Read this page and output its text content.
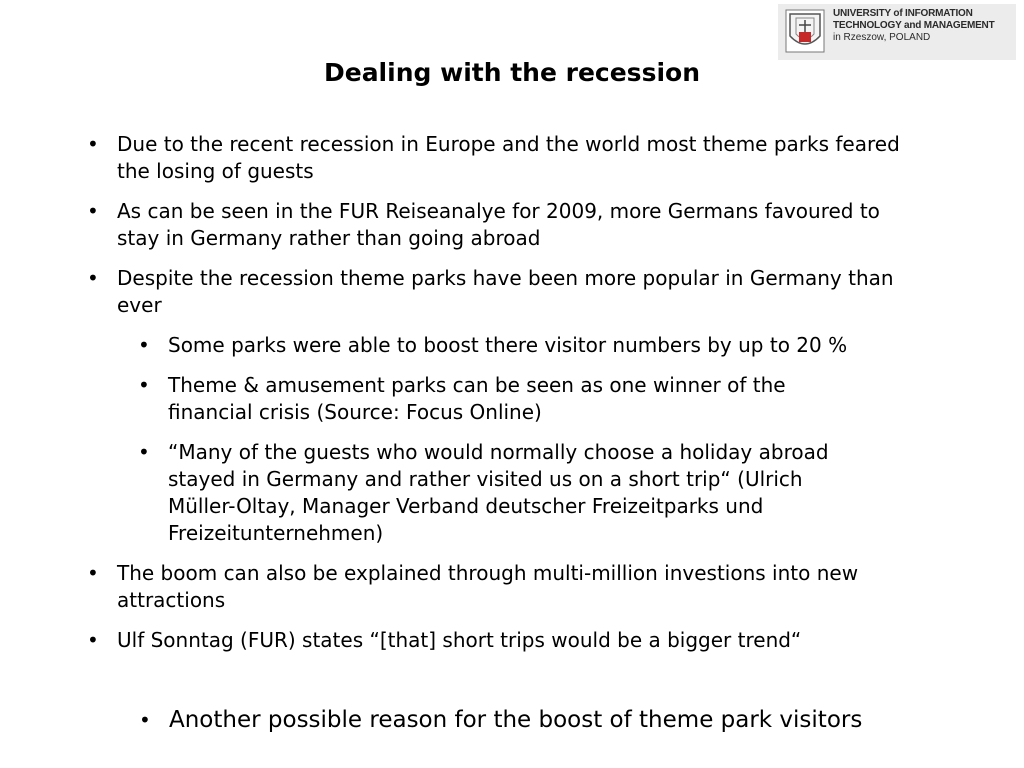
UNIVERSITY of INFORMATION
TECHNOLOGY and MANAGEMENT
in Rzeszow, POLAND
Dealing with the recession
• Due to the recent recession in Europe and the world most theme parks feared the losing of guests
• As can be seen in the FUR Reiseanalye for 2009, more Germans favoured to stay in Germany rather than going abroad
• Despite the recession theme parks have been more popular in Germany than ever
• Some parks were able to boost there visitor numbers by up to 20 %
• Theme & amusement parks can be seen as one winner of the financial crisis (Source: Focus Online)
• “Many of the guests who would normally choose a holiday abroad stayed in Germany and rather visited us on a short trip“ (Ulrich Müller-Oltay, Manager Verband deutscher Freizeitparks und Freizeitunternehmen)
• The boom can also be explained through multi-million investions into new attractions
• Ulf Sonntag (FUR) states “[that] short trips would be a bigger trend“
• Another possible reason for the boost of theme park visitors
